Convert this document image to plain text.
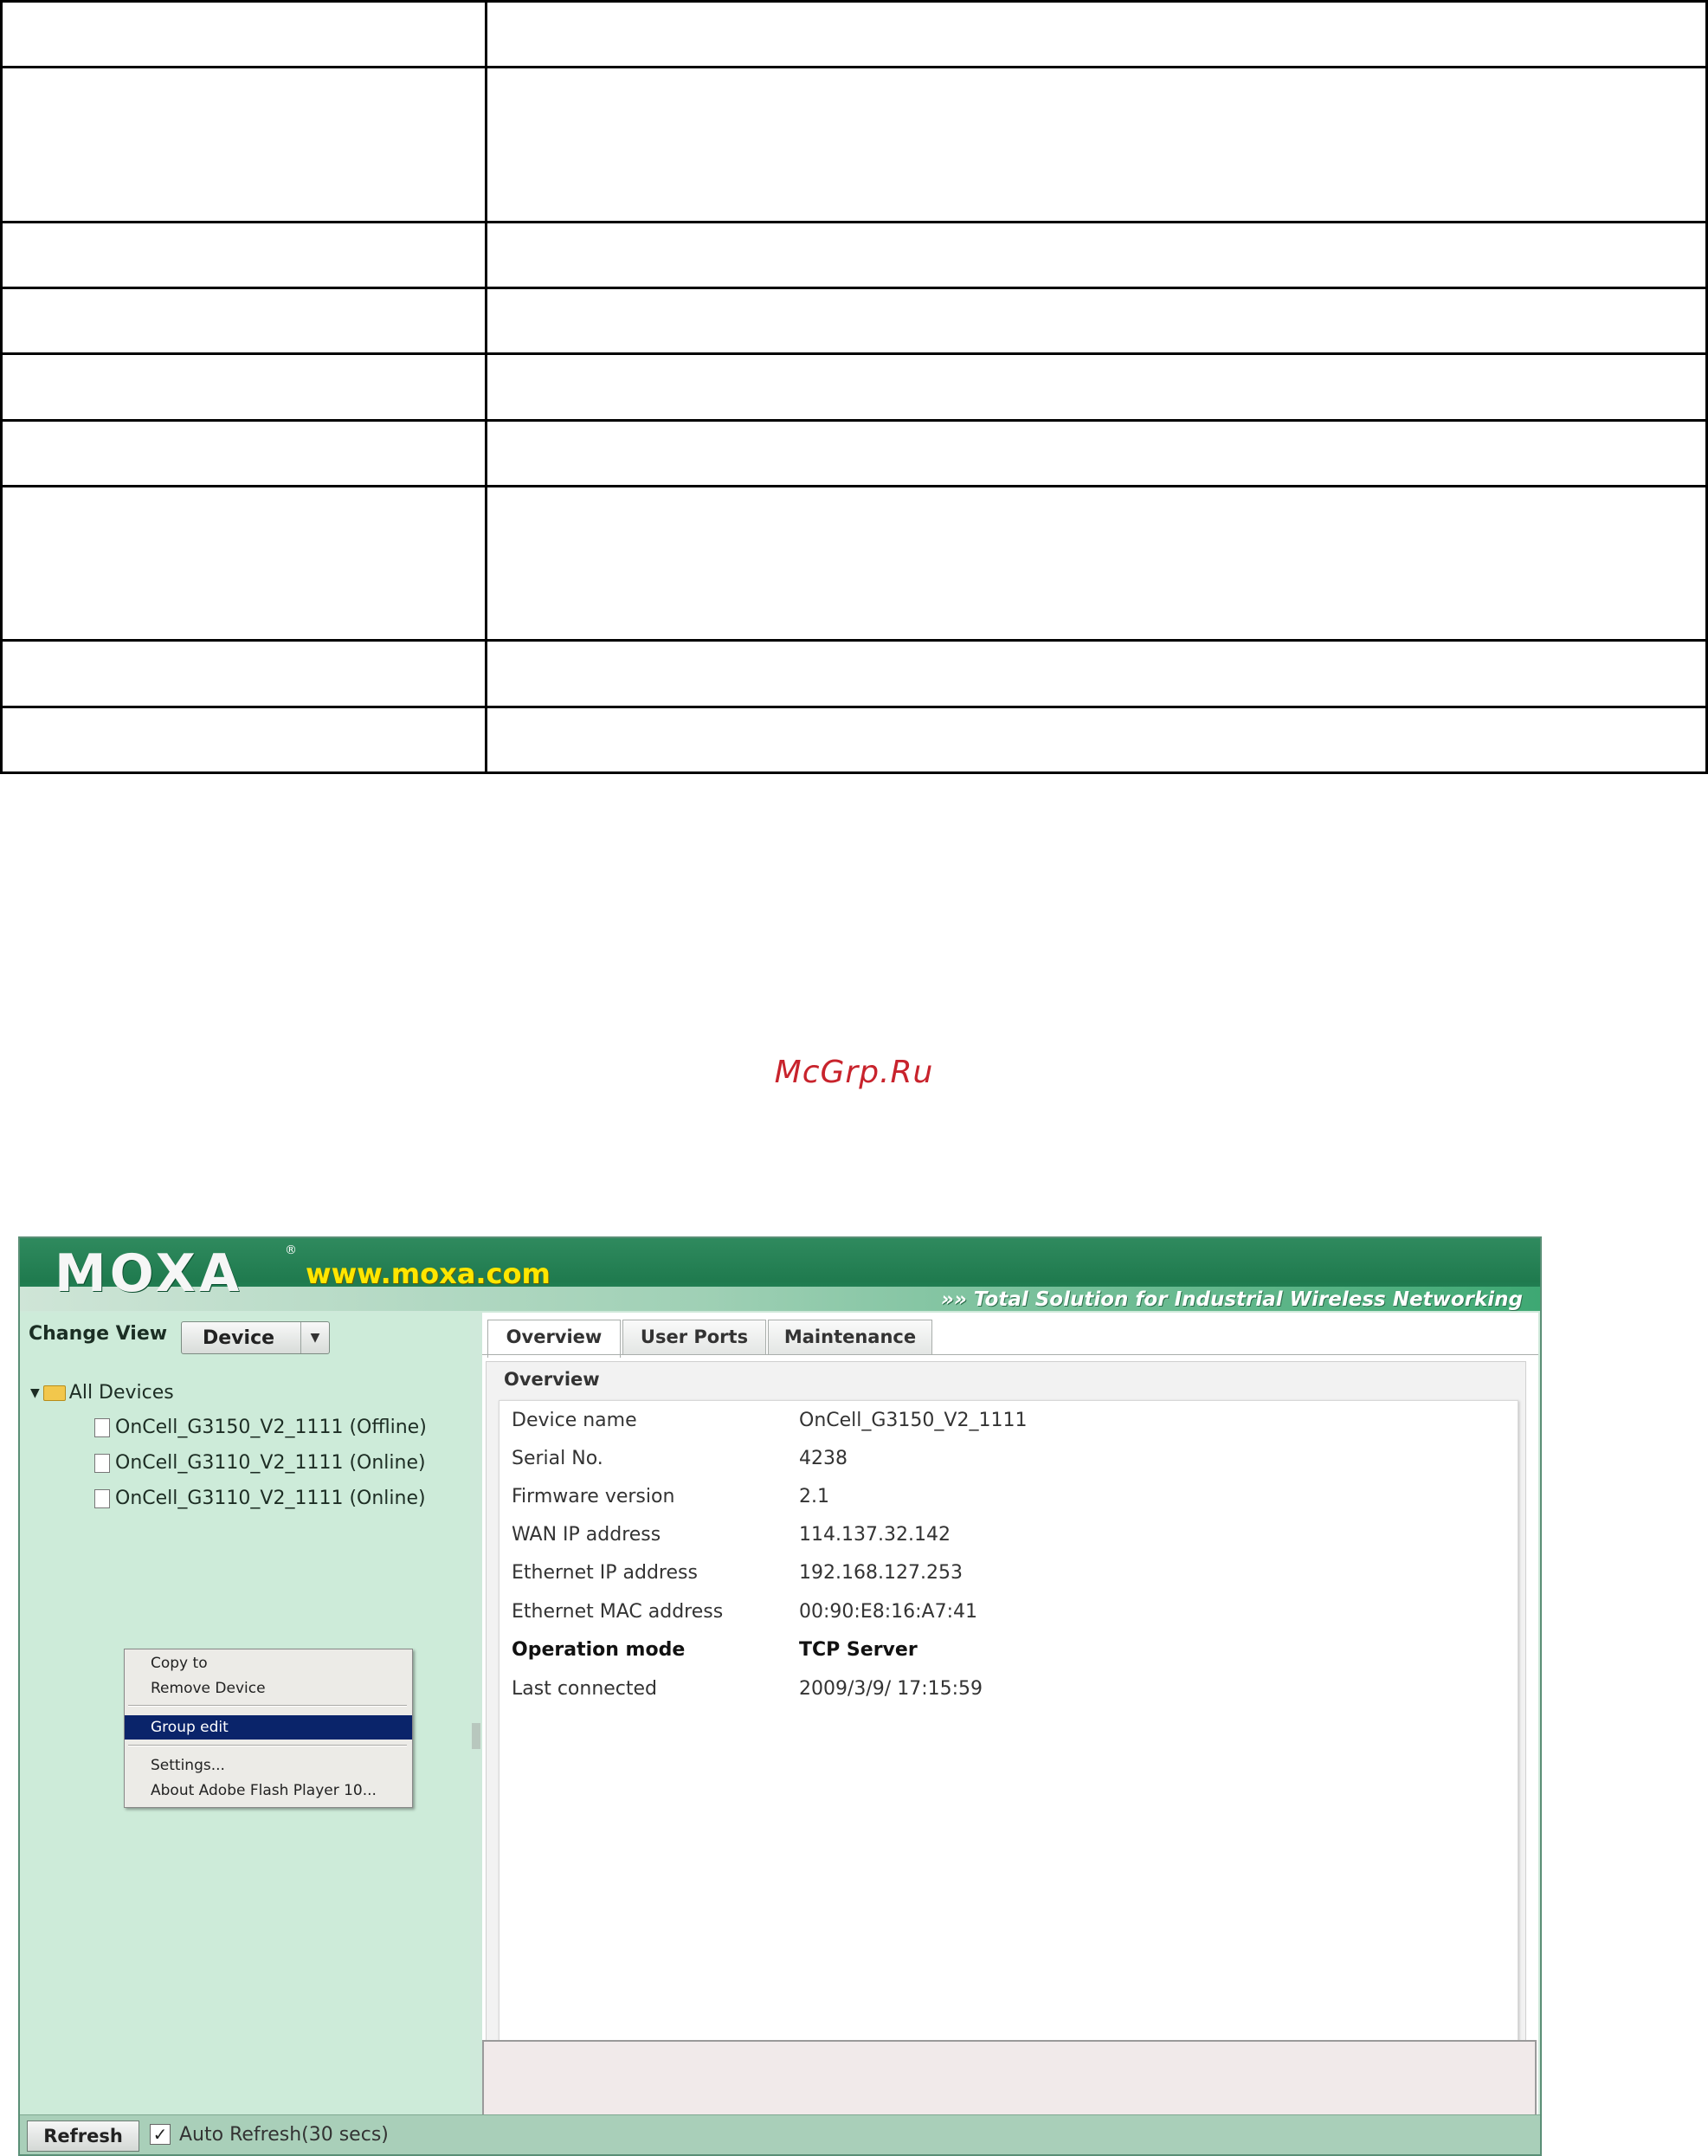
McGrp.Ru
MOXA	®
www.moxa.com
»» Total Solution for Industrial Wireless Networking
Change View Device	▼
▼ All Devices
OnCell_G3150_V2_1111 (Offline)
OnCell_G3110_V2_1111 (Online)
OnCell_G3110_V2_1111 (Online)
Copy to
Remove Device
Group edit
Settings...
About Adobe Flash Player 10...
Overview	User Ports	Maintenance
Overview
Device name	OnCell_G3150_V2_1111
Serial No.	4238
Firmware version	2.1
WAN IP address	114.137.32.142
Ethernet IP address	192.168.127.253
Ethernet MAC address	00:90:E8:16:A7:41
Operation mode	TCP Server
Last connected	2009/3/9/ 17:15:59
Refresh	✓ Auto Refresh(30 secs)
